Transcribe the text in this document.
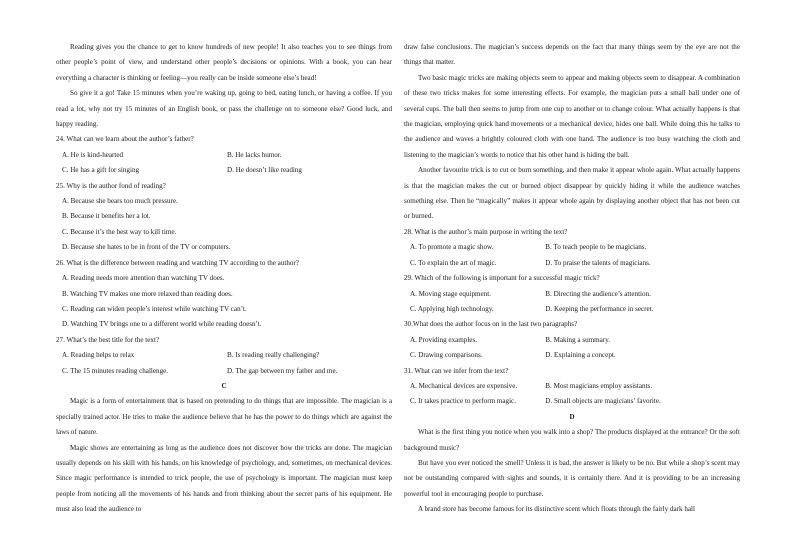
Reading gives you the chance to get to know hundreds of new people! It also teaches you to see things from other people’s point of view, and understand other people’s decisions or opinions. With a book, you can hear everything a character is thinking or feeling—you really can be inside someone else’s head!

So give it a go! Take 15 minutes when you’re waking up, going to bed, eating lunch, or having a coffee. If you read a lot, why not try 15 minutes of an English book, or pass the challenge on to someone else? Good luck, and happy reading.

24. What can we learn about the author’s father?

A. He is kind-hearted	B. He lacks humor.
C. He has a gift for singing	D. He doesn’t like reading

25. Why is the author fond of reading?

A. Because she bears too much pressure.

B. Because it benefits her a lot.

C. Because it’s the best way to kill time.

D. Because she hates to be in front of the TV or computers.

26. What is the difference between reading and watching TV according to the author?

A. Reading needs more attention than watching TV does.

B. Watching TV makes one more relaxed than reading does.

C. Reading can widen people’s interest while watching TV can’t.

D. Watching TV brings one to a different world while reading doesn’t.

27. What’s the best title for the text?

A. Reading helps to relax	B. Is reading really challenging?
C. The 15 minutes reading challenge.	D. The gap between my father and me.

C

Magic is a form of entertainment that is based on pretending to do things that are impossible. The magician is a specially trained actor. He tries to make the audience believe that he has the power to do things which are against the laws of nature.

Magic shows are entertaining as long as the audience does not discover how the tricks are done. The magician usually depends on his skill with his hands, on his knowledge of psychology, and, sometimes, on mechanical devices. Since magic performance is intended to trick people, the use of psychology is important. The magician must keep people from noticing all the movements of his hands and from thinking about the secret parts of his equipment. He must also lead the audience to

draw false conclusions. The magician’s success depends on the fact that many things seem by the eye are not the things that matter.

Two basic magic tricks are making objects seem to appear and making objects seem to disappear. A combination of these two tricks makes for some interesting effects. For example, the magician puts a small ball under one of several cups. The ball then seems to jump from one cup to another or to change colour. What actually happens is that the magician, employing quick hand movements or a mechanical device, hides one ball. While doing this he talks to the audience and waves a brightly coloured cloth with one hand. The audience is too busy watching the cloth and listening to the magician’s words to notice that his other hand is hiding the ball.

Another favourite trick is to cut or burn something, and then make it appear whole again. What actually happens is that the magician makes the cut or burned object disappear by quickly hiding it while the audience watches something else. Then he “magically” makes it appear whole again by displaying another object that has not been cut or burned.

28. What is the author’s main purpose in writing the text?

A. To promote a magic show.	B. To teach people to be magicians.
C. To explain the art of magic.	D. To praise the talents of magicians.

29. Which of the following is important for a successful magic trick?

A. Moving stage equipment.	B. Directing the audience’s attention.
C. Applying high technology.	D. Keeping the performance in secret.

30.What does the author focus on in the last two paragraphs?

A. Providing examples.	B. Making a summary.
C. Drawing comparisons.	D. Explaining a concept.

31. What can we infer from the text?

A. Mechanical devices are expensive.	B. Most magicians employ assistants.
C. It takes practice to perform magic.	D. Small objects are magicians’ favorite.

D

What is the first thing you notice when you walk into a shop? The products displayed at the entrance? Or the soft background music?

But have you ever noticed the smell? Unless it is bad, the answer is likely to be no. But while a shop’s scent may not be outstanding compared with sights and sounds, it is certainly there. And it is providing to be an increasing powerful tool in encouraging people to purchase.

A brand store has become famous for its distinctive scent which floats through the fairly dark hall
